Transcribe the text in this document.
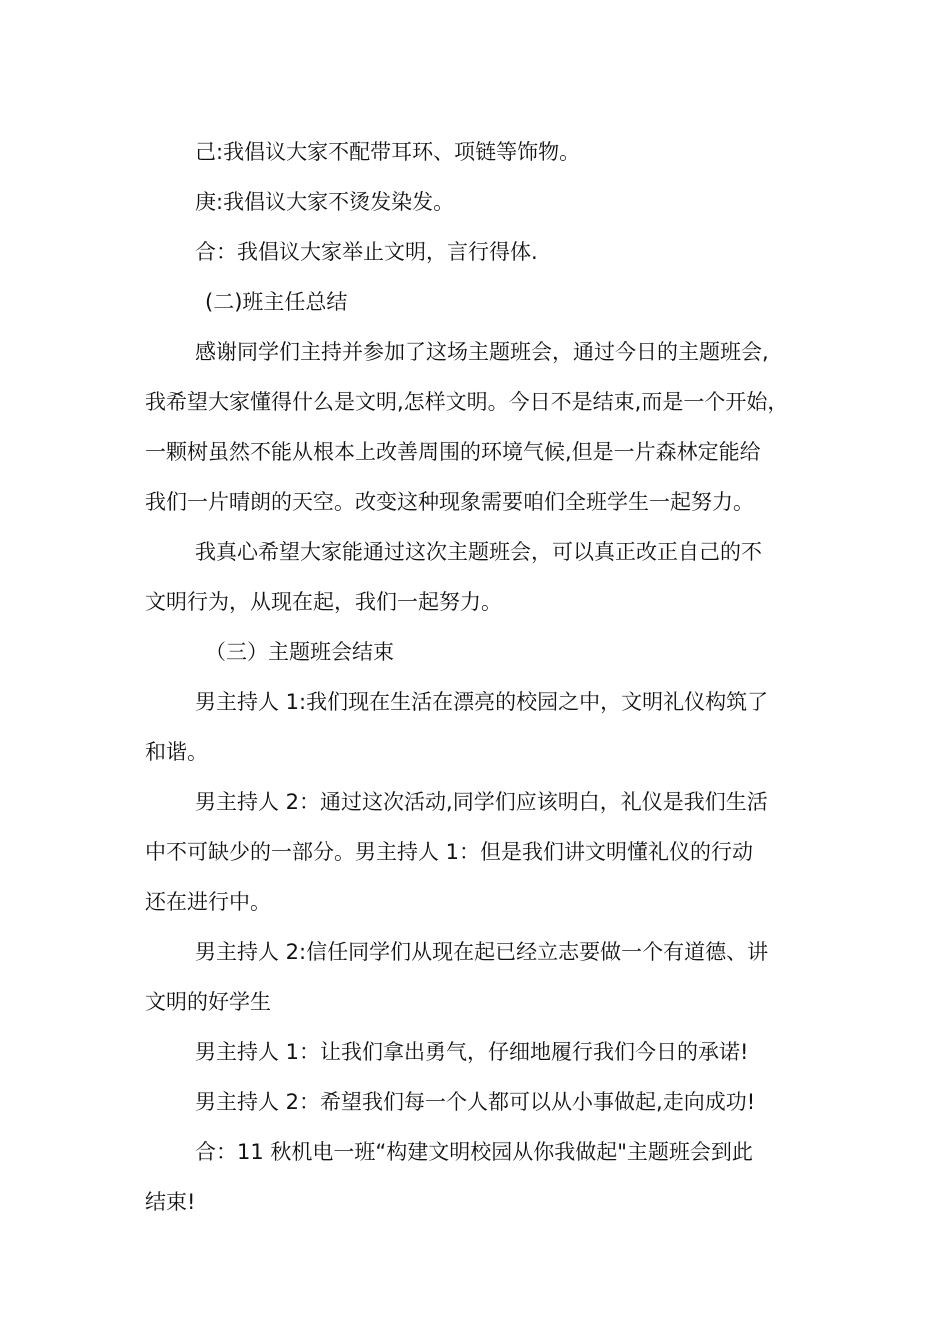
己:我倡议大家不配带耳环、项链等饰物。
庚:我倡议大家不烫发染发。
合：我倡议大家举止文明，言行得体.
(二)班主任总结
感谢同学们主持并参加了这场主题班会，通过今日的主题班会,
我希望大家懂得什么是文明,怎样文明。今日不是结束,而是一个开始，
一颗树虽然不能从根本上改善周围的环境气候,但是一片森林定能给
我们一片晴朗的天空。改变这种现象需要咱们全班学生一起努力。
我真心希望大家能通过这次主题班会，可以真正改正自己的不
文明行为，从现在起，我们一起努力。
（三）主题班会结束
男主持人 1:我们现在生活在漂亮的校园之中，文明礼仪构筑了
和谐。
男主持人 2：通过这次活动,同学们应该明白，礼仪是我们生活
中不可缺少的一部分。男主持人 1：但是我们讲文明懂礼仪的行动
还在进行中。
男主持人 2:信任同学们从现在起已经立志要做一个有道德、讲
文明的好学生
男主持人 1：让我们拿出勇气，仔细地履行我们今日的承诺!
男主持人 2：希望我们每一个人都可以从小事做起,走向成功!
合：11 秋机电一班“构建文明校园从你我做起"主题班会到此
结束!
